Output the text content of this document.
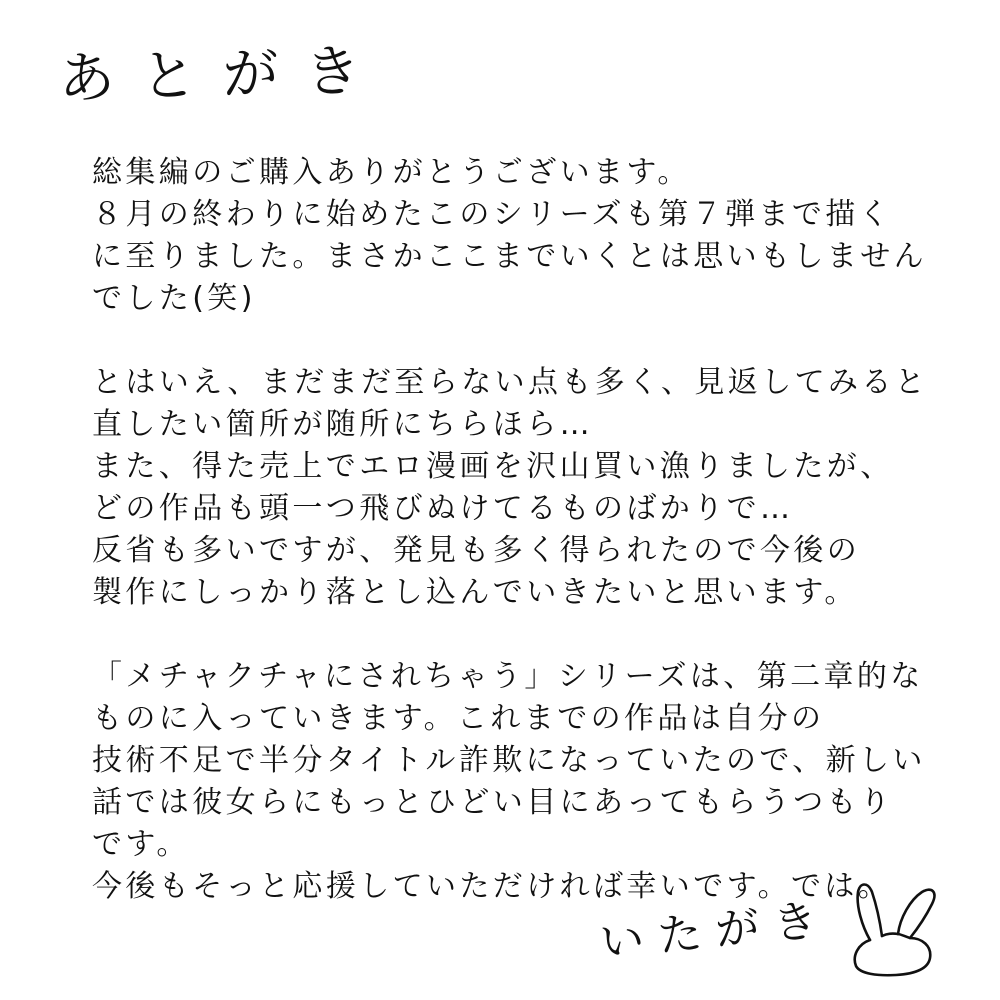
あとがき
総集編のご購入ありがとうございます。
８月の終わりに始めたこのシリーズも第７弾まで描く
に至りました。まさかここまでいくとは思いもしません
でした(笑)
とはいえ、まだまだ至らない点も多く、見返してみると
直したい箇所が随所にちらほら…
また、得た売上でエロ漫画を沢山買い漁りましたが、
どの作品も頭一つ飛びぬけてるものばかりで…
反省も多いですが、発見も多く得られたので今後の
製作にしっかり落とし込んでいきたいと思います。
「メチャクチャにされちゃう」シリーズは、第二章的な
ものに入っていきます。これまでの作品は自分の
技術不足で半分タイトル詐欺になっていたので、新しい
話では彼女らにもっとひどい目にあってもらうつもり
です。
今後もそっと応援していただければ幸いです。では。
いたがき
